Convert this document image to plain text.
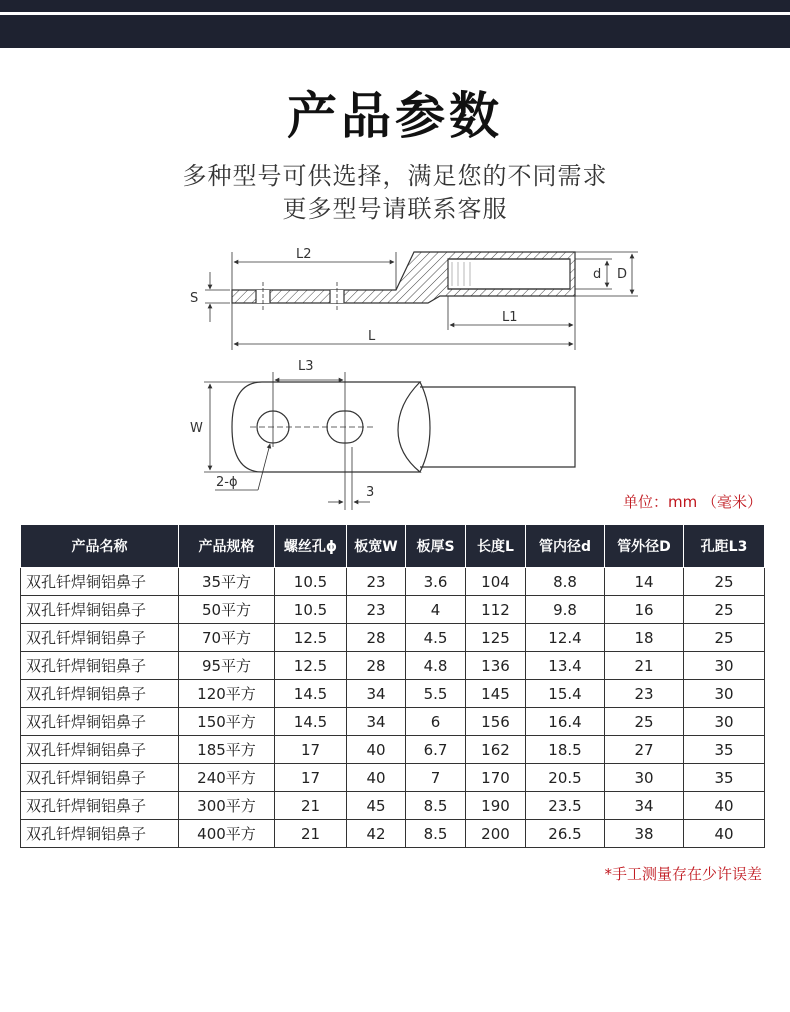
产品参数
多种型号可供选择，满足您的不同需求
更多型号请联系客服
L2
S
d D
L1
L
L3
W
2-ϕ
3
单位：mm （毫米）
产品名称	产品规格	螺丝孔ϕ	板宽W	板厚S	长度L	管内径d	管外径D	孔距L3
双孔钎焊铜铝鼻子	35平方	10.5	23	3.6	104	8.8	14	25
双孔钎焊铜铝鼻子	50平方	10.5	23	4	112	9.8	16	25
双孔钎焊铜铝鼻子	70平方	12.5	28	4.5	125	12.4	18	25
双孔钎焊铜铝鼻子	95平方	12.5	28	4.8	136	13.4	21	30
双孔钎焊铜铝鼻子	120平方	14.5	34	5.5	145	15.4	23	30
双孔钎焊铜铝鼻子	150平方	14.5	34	6	156	16.4	25	30
双孔钎焊铜铝鼻子	185平方	17	40	6.7	162	18.5	27	35
双孔钎焊铜铝鼻子	240平方	17	40	7	170	20.5	30	35
双孔钎焊铜铝鼻子	300平方	21	45	8.5	190	23.5	34	40
双孔钎焊铜铝鼻子	400平方	21	42	8.5	200	26.5	38	40
*手工测量存在少许误差
